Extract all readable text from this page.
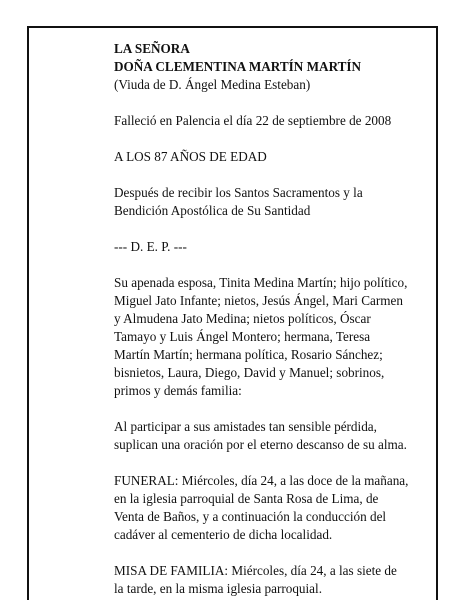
LA SEÑORA
DOÑA CLEMENTINA MARTÍN MARTÍN
(Viuda de D. Ángel Medina Esteban)

Falleció en Palencia el día 22 de septiembre de 2008

A LOS 87 AÑOS DE EDAD

Después de recibir los Santos Sacramentos y la
Bendición Apostólica de Su Santidad

--- D. E. P. ---

Su apenada esposa, Tinita Medina Martín; hijo político,
Miguel Jato Infante; nietos, Jesús Ángel, Mari Carmen
y Almudena Jato Medina; nietos políticos, Óscar
Tamayo y Luis Ángel Montero; hermana, Teresa
Martín Martín; hermana política, Rosario Sánchez;
bisnietos, Laura, Diego, David y Manuel; sobrinos,
primos y demás familia:

Al participar a sus amistades tan sensible pérdida,
suplican una oración por el eterno descanso de su alma.

FUNERAL: Miércoles, día 24, a las doce de la mañana,
en la iglesia parroquial de Santa Rosa de Lima, de
Venta de Baños, y a continuación la conducción del
cadáver al cementerio de dicha localidad.

MISA DE FAMILIA: Miércoles, día 24, a las siete de
la tarde, en la misma iglesia parroquial.
